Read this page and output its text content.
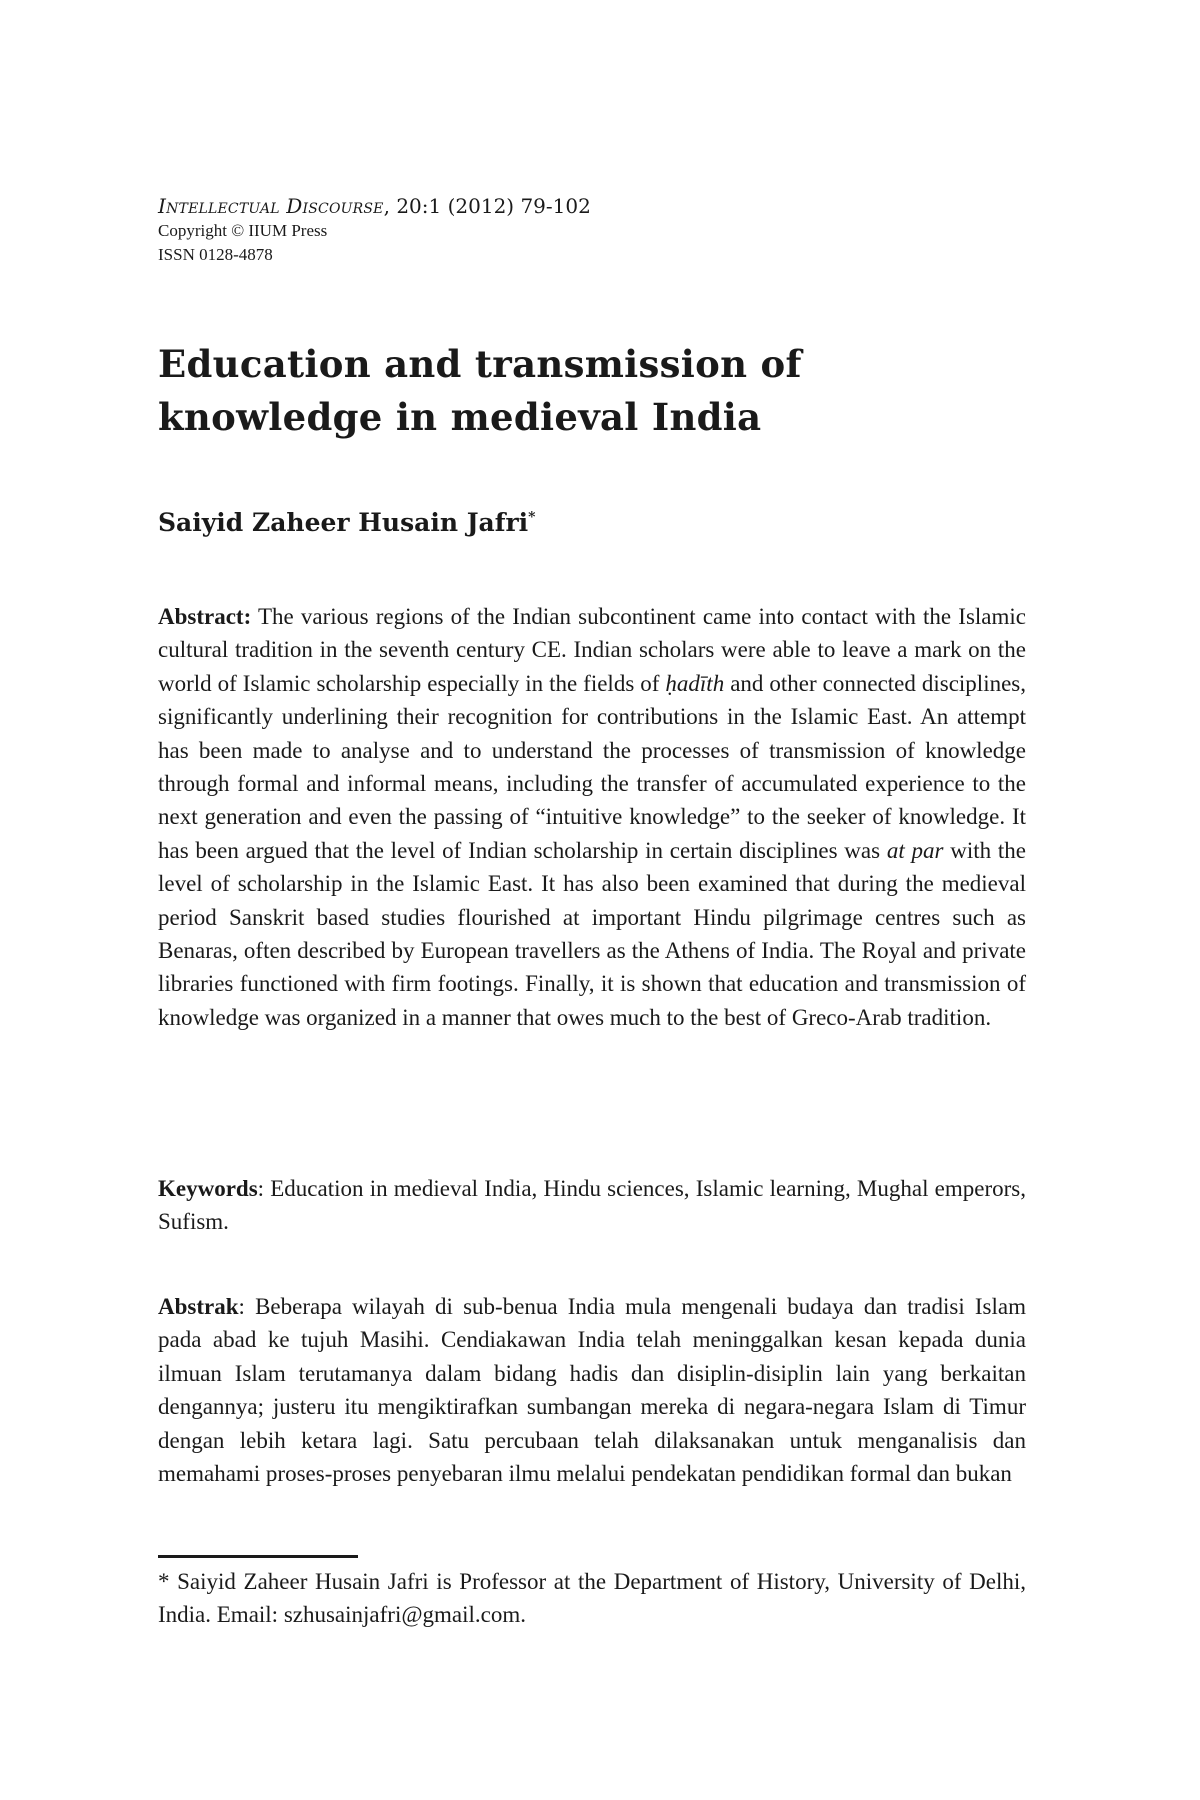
Intellectual Discourse, 20:1 (2012) 79-102

Copyright © IIUM Press

ISSN 0128-4878

Education and transmission of knowledge in medieval India

Saiyid Zaheer Husain Jafri*

Abstract: The various regions of the Indian subcontinent came into contact with the Islamic cultural tradition in the seventh century CE. Indian scholars were able to leave a mark on the world of Islamic scholarship especially in the fields of ḥadīth and other connected disciplines, significantly underlining their recognition for contributions in the Islamic East. An attempt has been made to analyse and to understand the processes of transmission of knowledge through formal and informal means, including the transfer of accumulated experience to the next generation and even the passing of “intuitive knowledge” to the seeker of knowledge. It has been argued that the level of Indian scholarship in certain disciplines was at par with the level of scholarship in the Islamic East. It has also been examined that during the medieval period Sanskrit based studies flourished at important Hindu pilgrimage centres such as Benaras, often described by European travellers as the Athens of India. The Royal and private libraries functioned with firm footings. Finally, it is shown that education and transmission of knowledge was organized in a manner that owes much to the best of Greco-Arab tradition.

Keywords: Education in medieval India, Hindu sciences, Islamic learning, Mughal emperors, Sufism.

Abstrak: Beberapa wilayah di sub-benua India mula mengenali budaya dan tradisi Islam pada abad ke tujuh Masihi. Cendiakawan India telah meninggalkan kesan kepada dunia ilmuan Islam terutamanya dalam bidang hadis dan disiplin-disiplin lain yang berkaitan dengannya; justeru itu mengiktirafkan sumbangan mereka di negara-negara Islam di Timur dengan lebih ketara lagi. Satu percubaan telah dilaksanakan untuk menganalisis dan memahami proses-proses penyebaran ilmu melalui pendekatan pendidikan formal dan bukan

* Saiyid Zaheer Husain Jafri is Professor at the Department of History, University of Delhi, India. Email: szhusainjafri@gmail.com.
